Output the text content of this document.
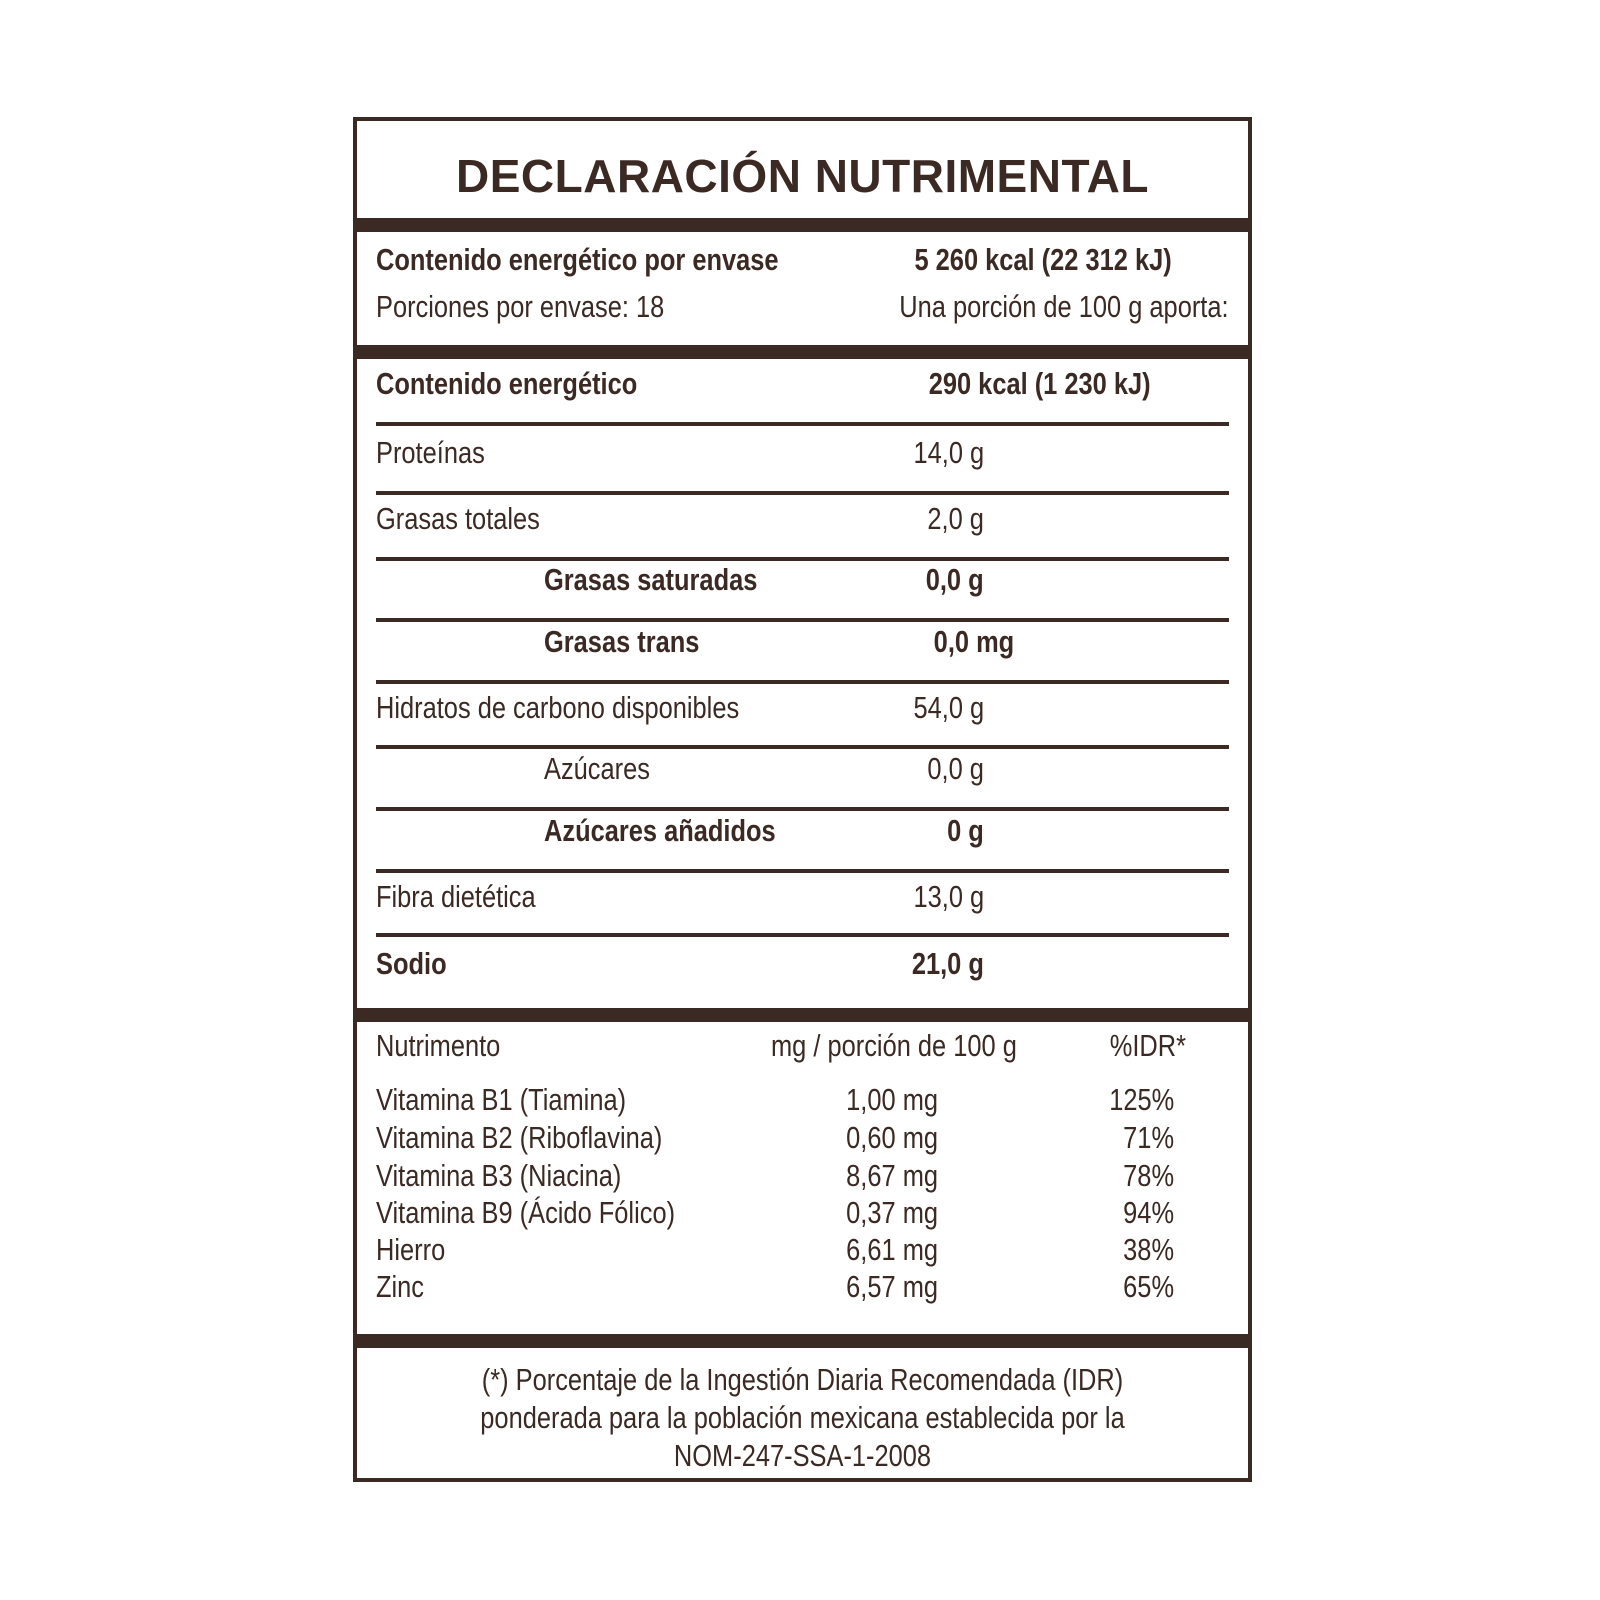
DECLARACIÓN NUTRIMENTAL
Contenido energético por envase	5 260 kcal (22 312 kJ)
Porciones por envase: 18	Una porción de 100 g aporta:
Contenido energético	290 kcal (1 230 kJ)
Proteínas	14,0 g
Grasas totales	2,0 g
Grasas saturadas	0,0 g
Grasas trans	0,0 mg
Hidratos de carbono disponibles	54,0 g
Azúcares	0,0 g
Azúcares añadidos	0 g
Fibra dietética	13,0 g
Sodio	21,0 g
Nutrimento	mg / porción de 100 g	%IDR*
Vitamina B1 (Tiamina)	1,00 mg	125%
Vitamina B2 (Riboflavina)	0,60 mg	71%
Vitamina B3 (Niacina)	8,67 mg	78%
Vitamina B9 (Ácido Fólico)	0,37 mg	94%
Hierro	6,61 mg	38%
Zinc	6,57 mg	65%
(*) Porcentaje de la Ingestión Diaria Recomendada (IDR)
ponderada para la población mexicana establecida por la
NOM-247-SSA-1-2008
